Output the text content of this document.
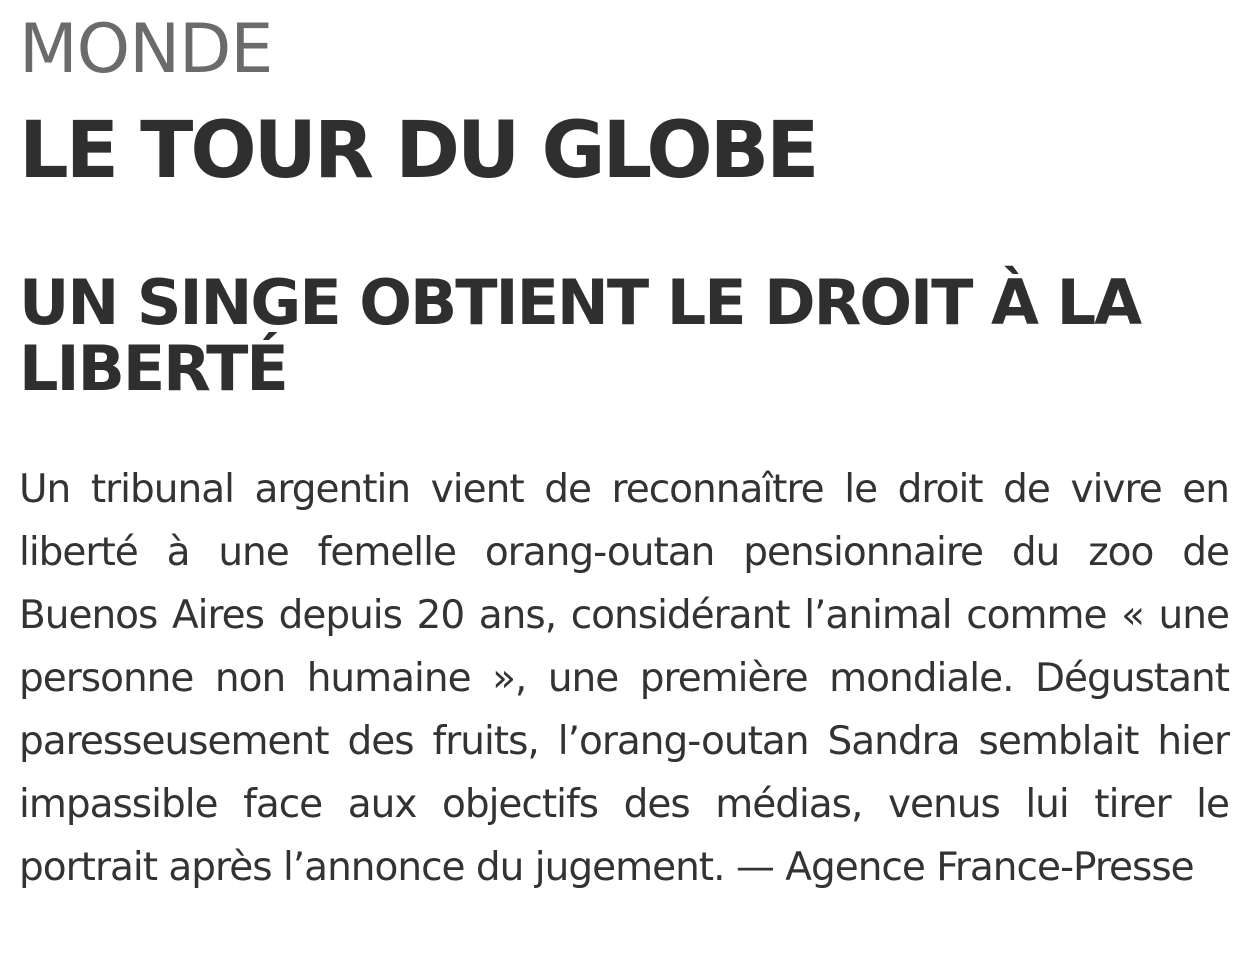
MONDE
LE TOUR DU GLOBE
UN SINGE OBTIENT LE DROIT À LA LIBERTÉ

Un tribunal argentin vient de reconnaître le droit de vivre en liberté à une femelle orang-outan pensionnaire du zoo de Buenos Aires depuis 20 ans, considérant l’animal comme « une personne non humaine », une première mondiale. Dégustant paresseusement des fruits, l’orang-outan Sandra semblait hier impassible face aux objectifs des médias, venus lui tirer le portrait après l’annonce du jugement. — Agence France-Presse
